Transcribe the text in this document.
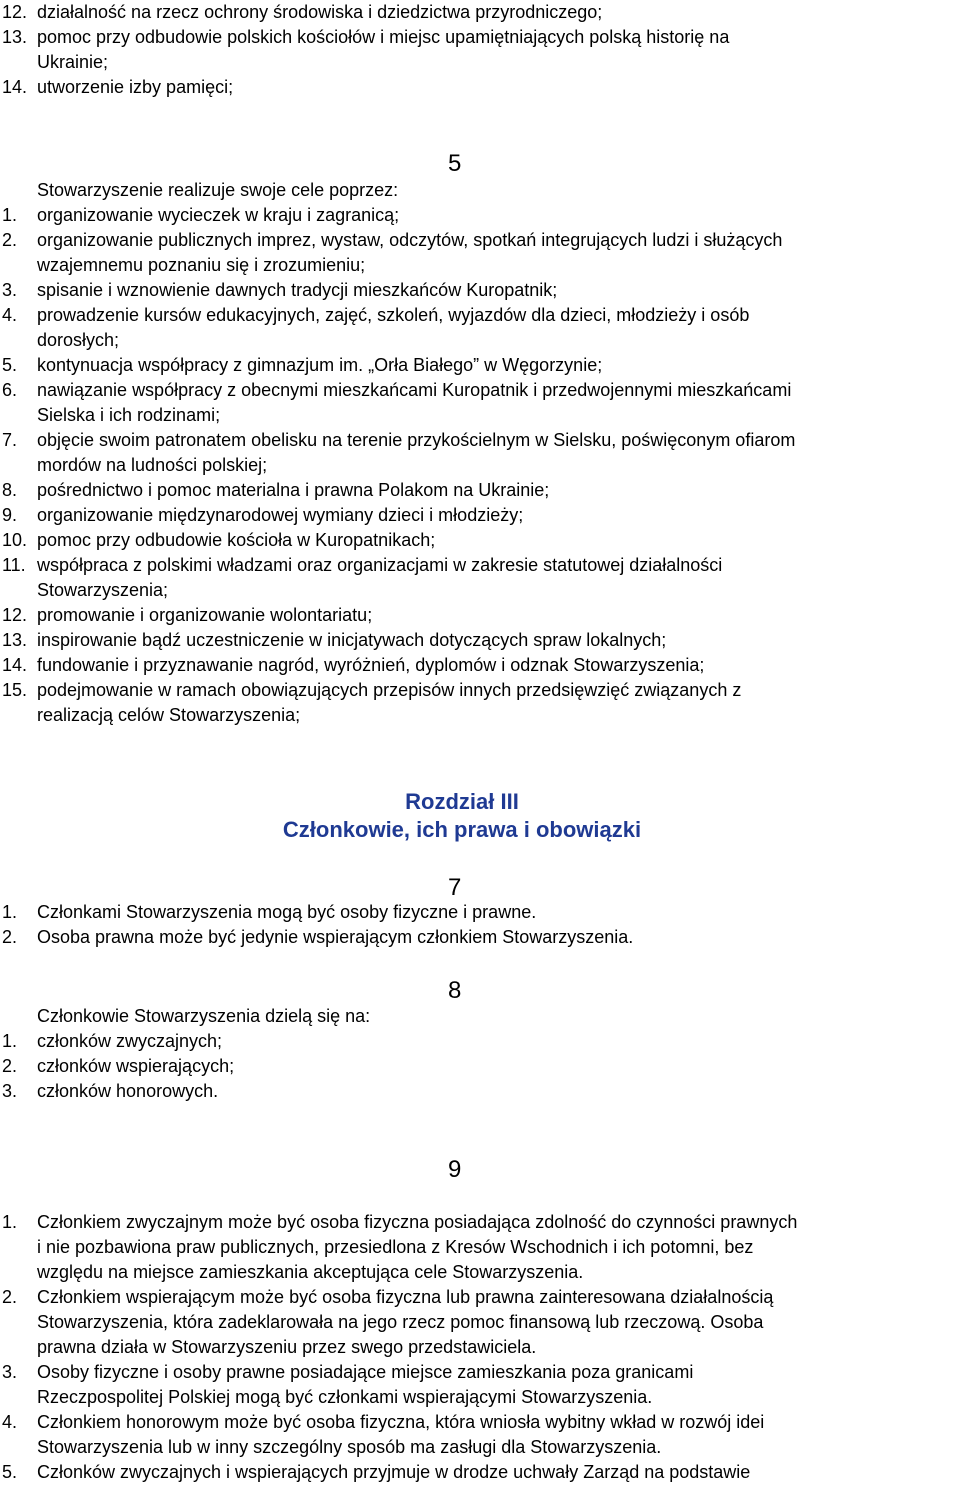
5
Stowarzyszenie realizuje swoje cele poprzez:
Rozdział III
Członkowie, ich prawa i obowiązki
7
8
Członkowie Stowarzyszenia dzielą się na:
9
12. działalność na rzecz ochrony środowiska i dziedzictwa przyrodniczego;
13. pomoc przy odbudowie polskich kościołów i miejsc upamiętniających polską historię na
Ukrainie;
14. utworzenie izby pamięci;
1. organizowanie wycieczek w kraju i zagranicą;
2. organizowanie publicznych imprez, wystaw, odczytów, spotkań integrujących ludzi i służących
wzajemnemu poznaniu się i zrozumieniu;
3. spisanie i wznowienie dawnych tradycji mieszkańców Kuropatnik;
4. prowadzenie kursów edukacyjnych, zajęć, szkoleń, wyjazdów dla dzieci, młodzieży i osób
dorosłych;
5. kontynuacja współpracy z gimnazjum im. „Orła Białego” w Węgorzynie;
6. nawiązanie współpracy z obecnymi mieszkańcami Kuropatnik i przedwojennymi mieszkańcami
Sielska i ich rodzinami;
7. objęcie swoim patronatem obelisku na terenie przykościelnym w Sielsku, poświęconym ofiarom
mordów na ludności polskiej;
8. pośrednictwo i pomoc materialna i prawna Polakom na Ukrainie;
9. organizowanie międzynarodowej wymiany dzieci i młodzieży;
10. pomoc przy odbudowie kościoła w Kuropatnikach;
11. współpraca z polskimi władzami oraz organizacjami w zakresie statutowej działalności
Stowarzyszenia;
12. promowanie i organizowanie wolontariatu;
13. inspirowanie bądź uczestniczenie w inicjatywach dotyczących spraw lokalnych;
14. fundowanie i przyznawanie nagród, wyróżnień, dyplomów i odznak Stowarzyszenia;
15. podejmowanie w ramach obowiązujących przepisów innych przedsięwzięć związanych z
realizacją celów Stowarzyszenia;
1. Członkami Stowarzyszenia mogą być osoby fizyczne i prawne.
2. Osoba prawna może być jedynie wspierającym członkiem Stowarzyszenia.
1. członków zwyczajnych;
2. członków wspierających;
3. członków honorowych.
1. Członkiem zwyczajnym może być osoba fizyczna posiadająca zdolność do czynności prawnych
i nie pozbawiona praw publicznych, przesiedlona z Kresów Wschodnich i ich potomni, bez
względu na miejsce zamieszkania akceptująca cele Stowarzyszenia.
2. Członkiem wspierającym może być osoba fizyczna lub prawna zainteresowana działalnością
Stowarzyszenia, która zadeklarowała na jego rzecz pomoc finansową lub rzeczową. Osoba
prawna działa w Stowarzyszeniu przez swego przedstawiciela.
3. Osoby fizyczne i osoby prawne posiadające miejsce zamieszkania poza granicami
Rzeczpospolitej Polskiej mogą być członkami wspierającymi Stowarzyszenia.
4. Członkiem honorowym może być osoba fizyczna, która wniosła wybitny wkład w rozwój idei
Stowarzyszenia lub w inny szczególny sposób ma zasługi dla Stowarzyszenia.
5. Członków zwyczajnych i wspierających przyjmuje w drodze uchwały Zarząd na podstawie
